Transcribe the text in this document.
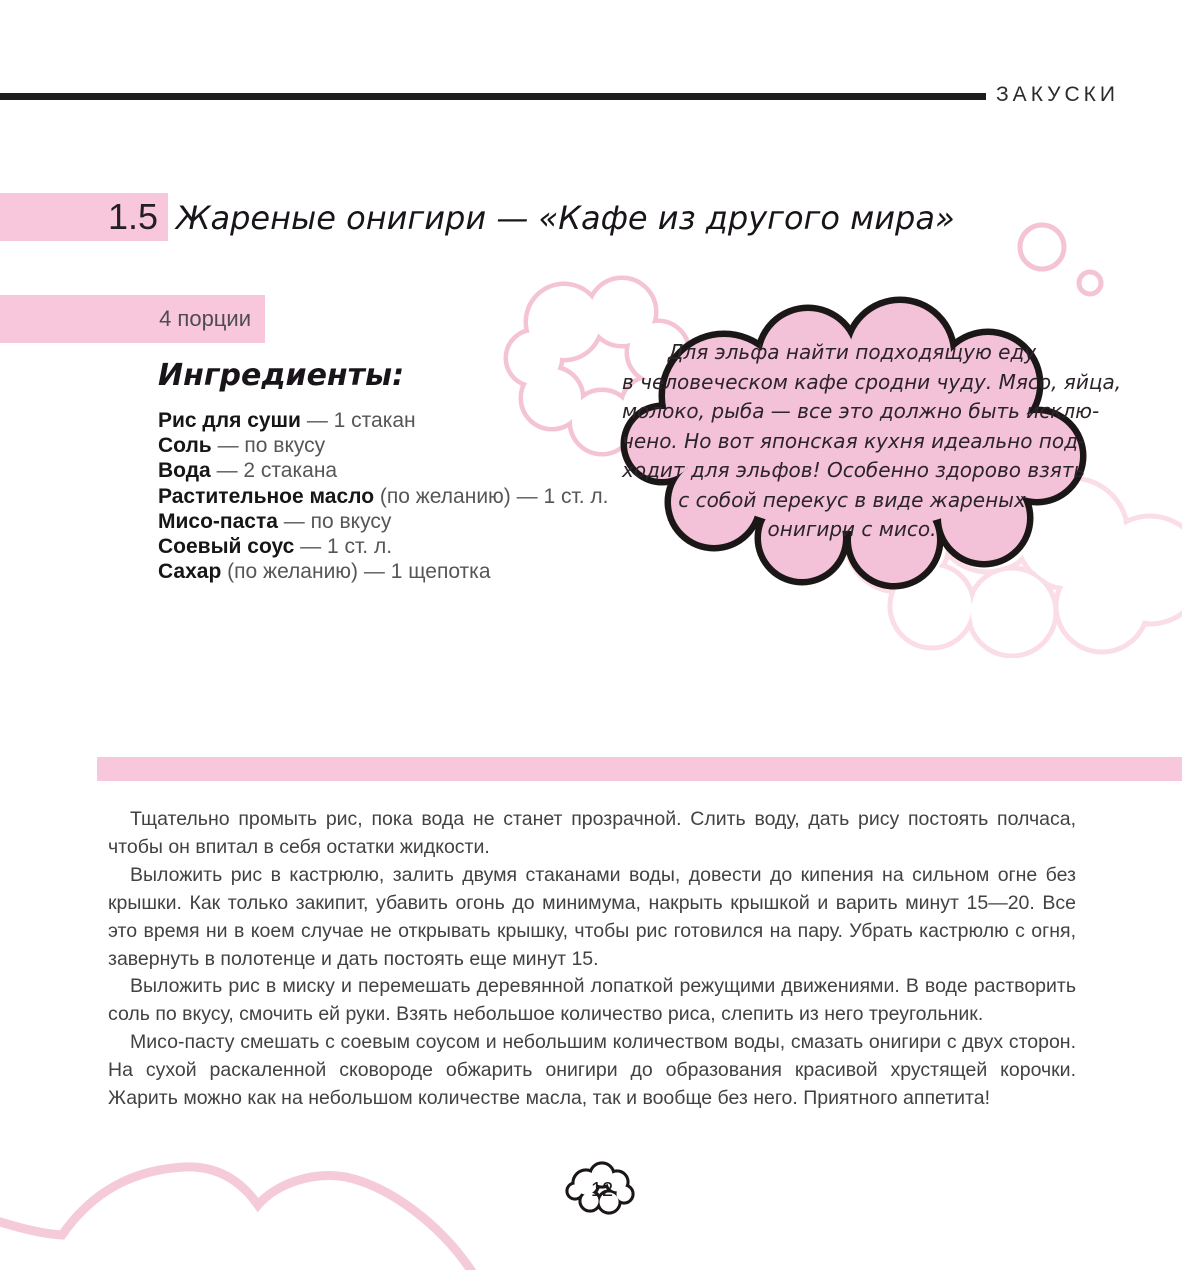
ЗАКУСКИ
Для эльфа найти подходящую еду
в человеческом кафе сродни чуду. Мясо, яйца,
молоко, рыба — все это должно быть исклю-
чено. Но вот японская кухня идеально под-
ходит для эльфов! Особенно здорово взять
с собой перекус в виде жареных
онигири с мисо.
1.5 Жареные онигири — «Кафе из другого мира»
4 порции
Ингредиенты:
Рис для суши — 1 стакан
Соль — по вкусу
Вода — 2 стакана
Растительное масло (по желанию) — 1 ст. л.
Мисо-паста — по вкусу
Соевый соус — 1 ст. л.
Сахар (по желанию) — 1 щепотка

Тщательно промыть рис, пока вода не станет прозрачной. Слить воду, дать рису постоять полчаса, чтобы он впитал в себя остатки жидкости.

Выложить рис в кастрюлю, залить двумя стаканами воды, довести до кипения на сильном огне без крышки. Как только закипит, убавить огонь до минимума, накрыть крышкой и варить минут 15—20. Все это время ни в коем случае не открывать крышку, чтобы рис готовился на пару. Убрать кастрюлю с огня, завернуть в полотенце и дать постоять еще минут 15.

Выложить рис в миску и перемешать деревянной лопаткой режущими движениями. В воде растворить соль по вкусу, смочить ей руки. Взять небольшое количество риса, слепить из него треугольник.

Мисо-пасту смешать с соевым соусом и небольшим количеством воды, смазать онигири с двух сторон. На сухой раскаленной сковороде обжарить онигири до образования красивой хрустящей корочки. Жарить можно как на небольшом количестве масла, так и вообще без него. Приятного аппетита!

12
